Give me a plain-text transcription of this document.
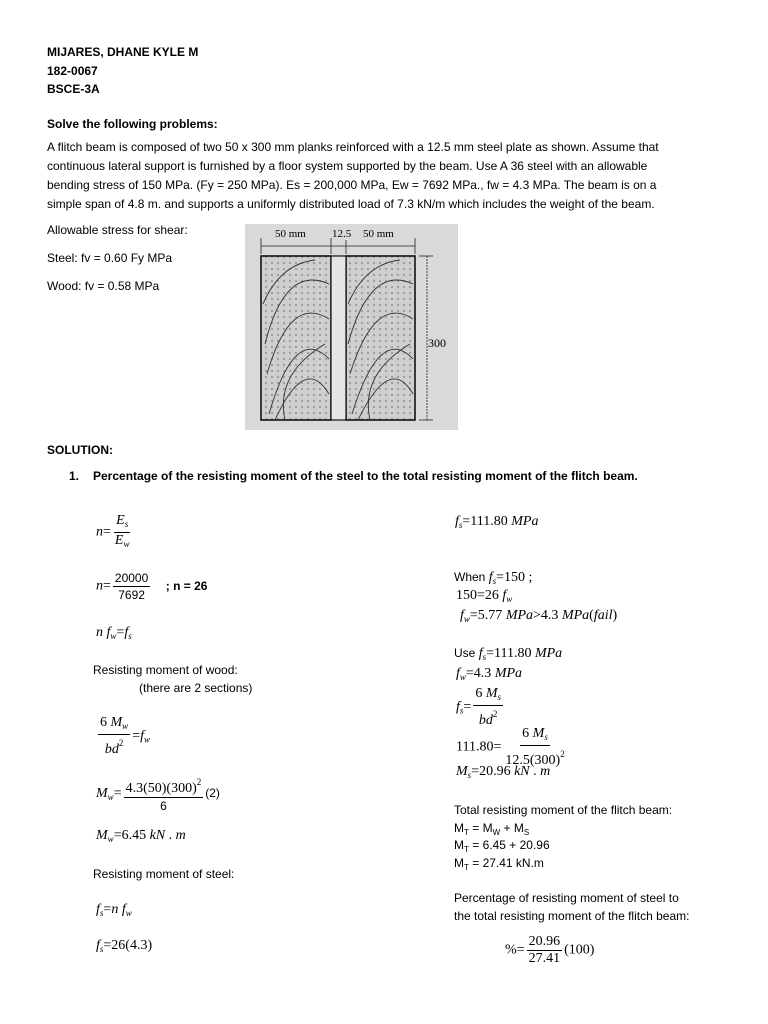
MIJARES, DHANE KYLE M
182-0067
BSCE-3A
Solve the following problems:
A flitch beam is composed of two 50 x 300 mm planks reinforced with a 12.5 mm steel plate as shown. Assume that
continuous lateral support is furnished by a floor system supported by the beam. Use A 36 steel with an allowable
bending stress of 150 MPa. (Fy = 250 MPa). Es = 200,000 MPa, Ew = 7692 MPa., fw = 4.3 MPa. The beam is on a
simple span of 4.8 m. and supports a uniformly distributed load of 7.3 kN/m which includes the weight of the beam.
Allowable stress for shear:
Steel: fv = 0.60 Fy MPa
Wood: fv = 0.58 MPa
50 mm 12.5 50 mm
300
SOLUTION:
1. Percentage of the resisting moment of the steel to the total resisting moment of the flitch beam.
$n= \frac{E_s}{E_w}$
$n= \frac{20000}{7692}$ ; n = 26
n $f_w=f_s$
Resisting moment of wood:
(there are 2 sections)
$\frac{6 M_w}{bd^2} =f_w$
$M_w= \frac{4.3(50)(300)^2}{6} (2)$
$M_w=6.45$ kN . m
Resisting moment of steel:
$f_s=n$ $f_w$
$f_s=26(4.3)$
$f_s=111.80$ MPa
When $f_s=150$ ;
150=26 $f_w$
$f_w=5.77$ MPa>4.3 MPa(fail)
Use $f_s=111.80$ MPa
$f_w=4.3$ MPa
$f_s= \frac{6 M_s}{bd^2}$
$111.80= \frac{6 M_s}{12.5(300)^2}$
$M_s=20.96$ kN . m
Total resisting moment of the flitch beam:
$M_T = M_W + M_S$
$M_T = 6.45 + 20.96$
$M_T = 27.41$ kN.m
Percentage of resisting moment of steel to
the total resisting moment of the flitch beam:
%= $\frac{20.96}{27.41} (100)$
